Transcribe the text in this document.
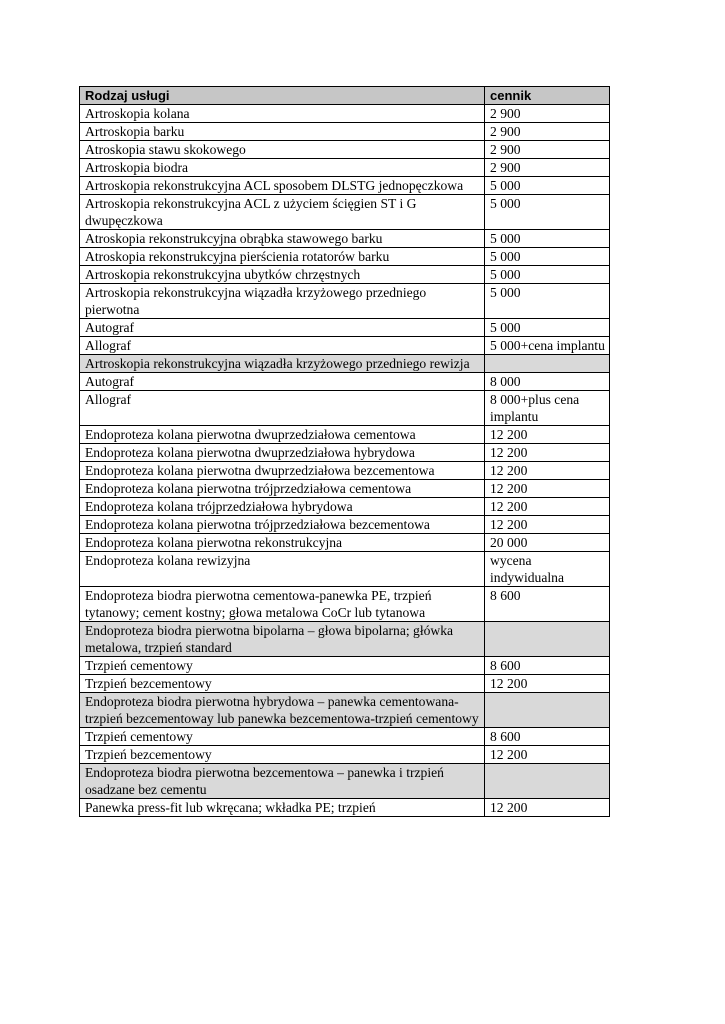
Rodzaj usługi	cennik
Artroskopia kolana	2 900
Artroskopia barku	2 900
Atroskopia stawu skokowego	2 900
Artroskopia biodra	2 900
Artroskopia rekonstrukcyjna ACL sposobem DLSTG jednopęczkowa	5 000
Artroskopia rekonstrukcyjna ACL z użyciem ścięgien ST i G dwupęczkowa	5 000
Atroskopia rekonstrukcyjna obrąbka stawowego barku	5 000
Atroskopia rekonstrukcyjna pierścienia rotatorów barku	5 000
Artroskopia rekonstrukcyjna ubytków chrzęstnych	5 000
Artroskopia rekonstrukcyjna wiązadła krzyżowego przedniego pierwotna	5 000
Autograf	5 000
Allograf	5 000+cena implantu
Artroskopia rekonstrukcyjna wiązadła krzyżowego przedniego rewizja	
Autograf	8 000
Allograf	8 000+plus cena implantu
Endoproteza kolana pierwotna dwuprzedziałowa cementowa	12 200
Endoproteza kolana pierwotna dwuprzedziałowa hybrydowa	12 200
Endoproteza kolana pierwotna dwuprzedziałowa bezcementowa	12 200
Endoproteza kolana pierwotna trójprzedziałowa cementowa	12 200
Endoproteza kolana trójprzedziałowa hybrydowa	12 200
Endoproteza kolana pierwotna trójprzedziałowa bezcementowa	12 200
Endoproteza kolana pierwotna rekonstrukcyjna	20 000
Endoproteza kolana rewizyjna	wycena indywidualna
Endoproteza biodra pierwotna cementowa-panewka PE, trzpień tytanowy; cement kostny; głowa metalowa CoCr lub tytanowa	8 600
Endoproteza biodra pierwotna bipolarna – głowa bipolarna; główka metalowa, trzpień standard	
Trzpień cementowy	8 600
Trzpień bezcementowy	12 200
Endoproteza biodra pierwotna hybrydowa – panewka cementowana-trzpień bezcementoway lub panewka bezcementowa-trzpień cementowy	
Trzpień cementowy	8 600
Trzpień bezcementowy	12 200
Endoproteza biodra pierwotna bezcementowa – panewka i trzpień osadzane bez cementu	
Panewka press-fit lub wkręcana; wkładka PE; trzpień	12 200
